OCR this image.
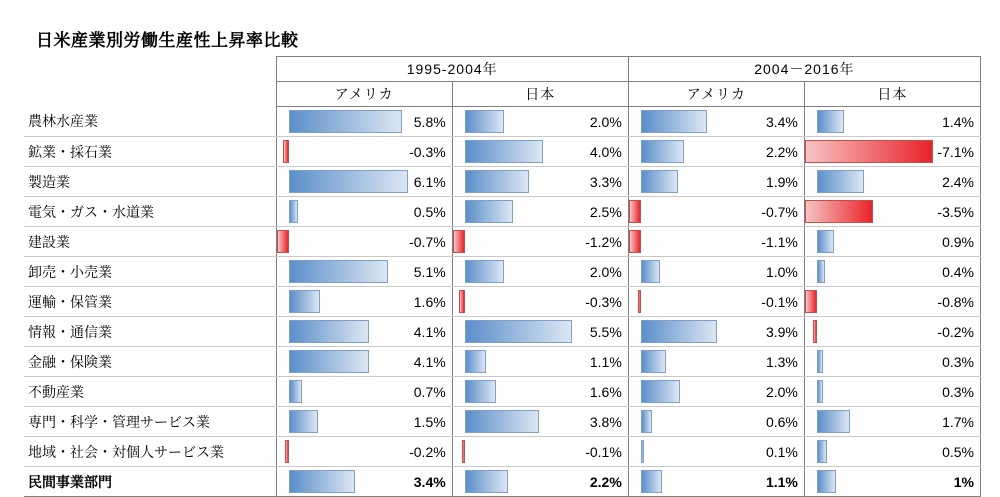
日米産業別労働生産性上昇率比較
	1995-2004年		2004－2016年	
	アメリカ	日本	アメリカ	日本
農林水産業	5.8%	2.0%	3.4%	1.4%

鉱業・採石業	-0.3%	4.0%	2.2%	-7.1%

製造業	6.1%	3.3%	1.9%	2.4%

電気・ガス・水道業	0.5%	2.5%	-0.7%	-3.5%

建設業	-0.7%	-1.2%	-1.1%	0.9%

卸売・小売業	5.1%	2.0%	1.0%	0.4%

運輸・保管業	1.6%	-0.3%	-0.1%	-0.8%

情報・通信業	4.1%	5.5%	3.9%	-0.2%

金融・保険業	4.1%	1.1%	1.3%	0.3%

不動産業	0.7%	1.6%	2.0%	0.3%

専門・科学・管理サービス業	1.5%	3.8%	0.6%	1.7%

地域・社会・対個人サービス業	-0.2%	-0.1%	0.1%	0.5%

民間事業部門	3.4%	2.2%	1.1%	1%
